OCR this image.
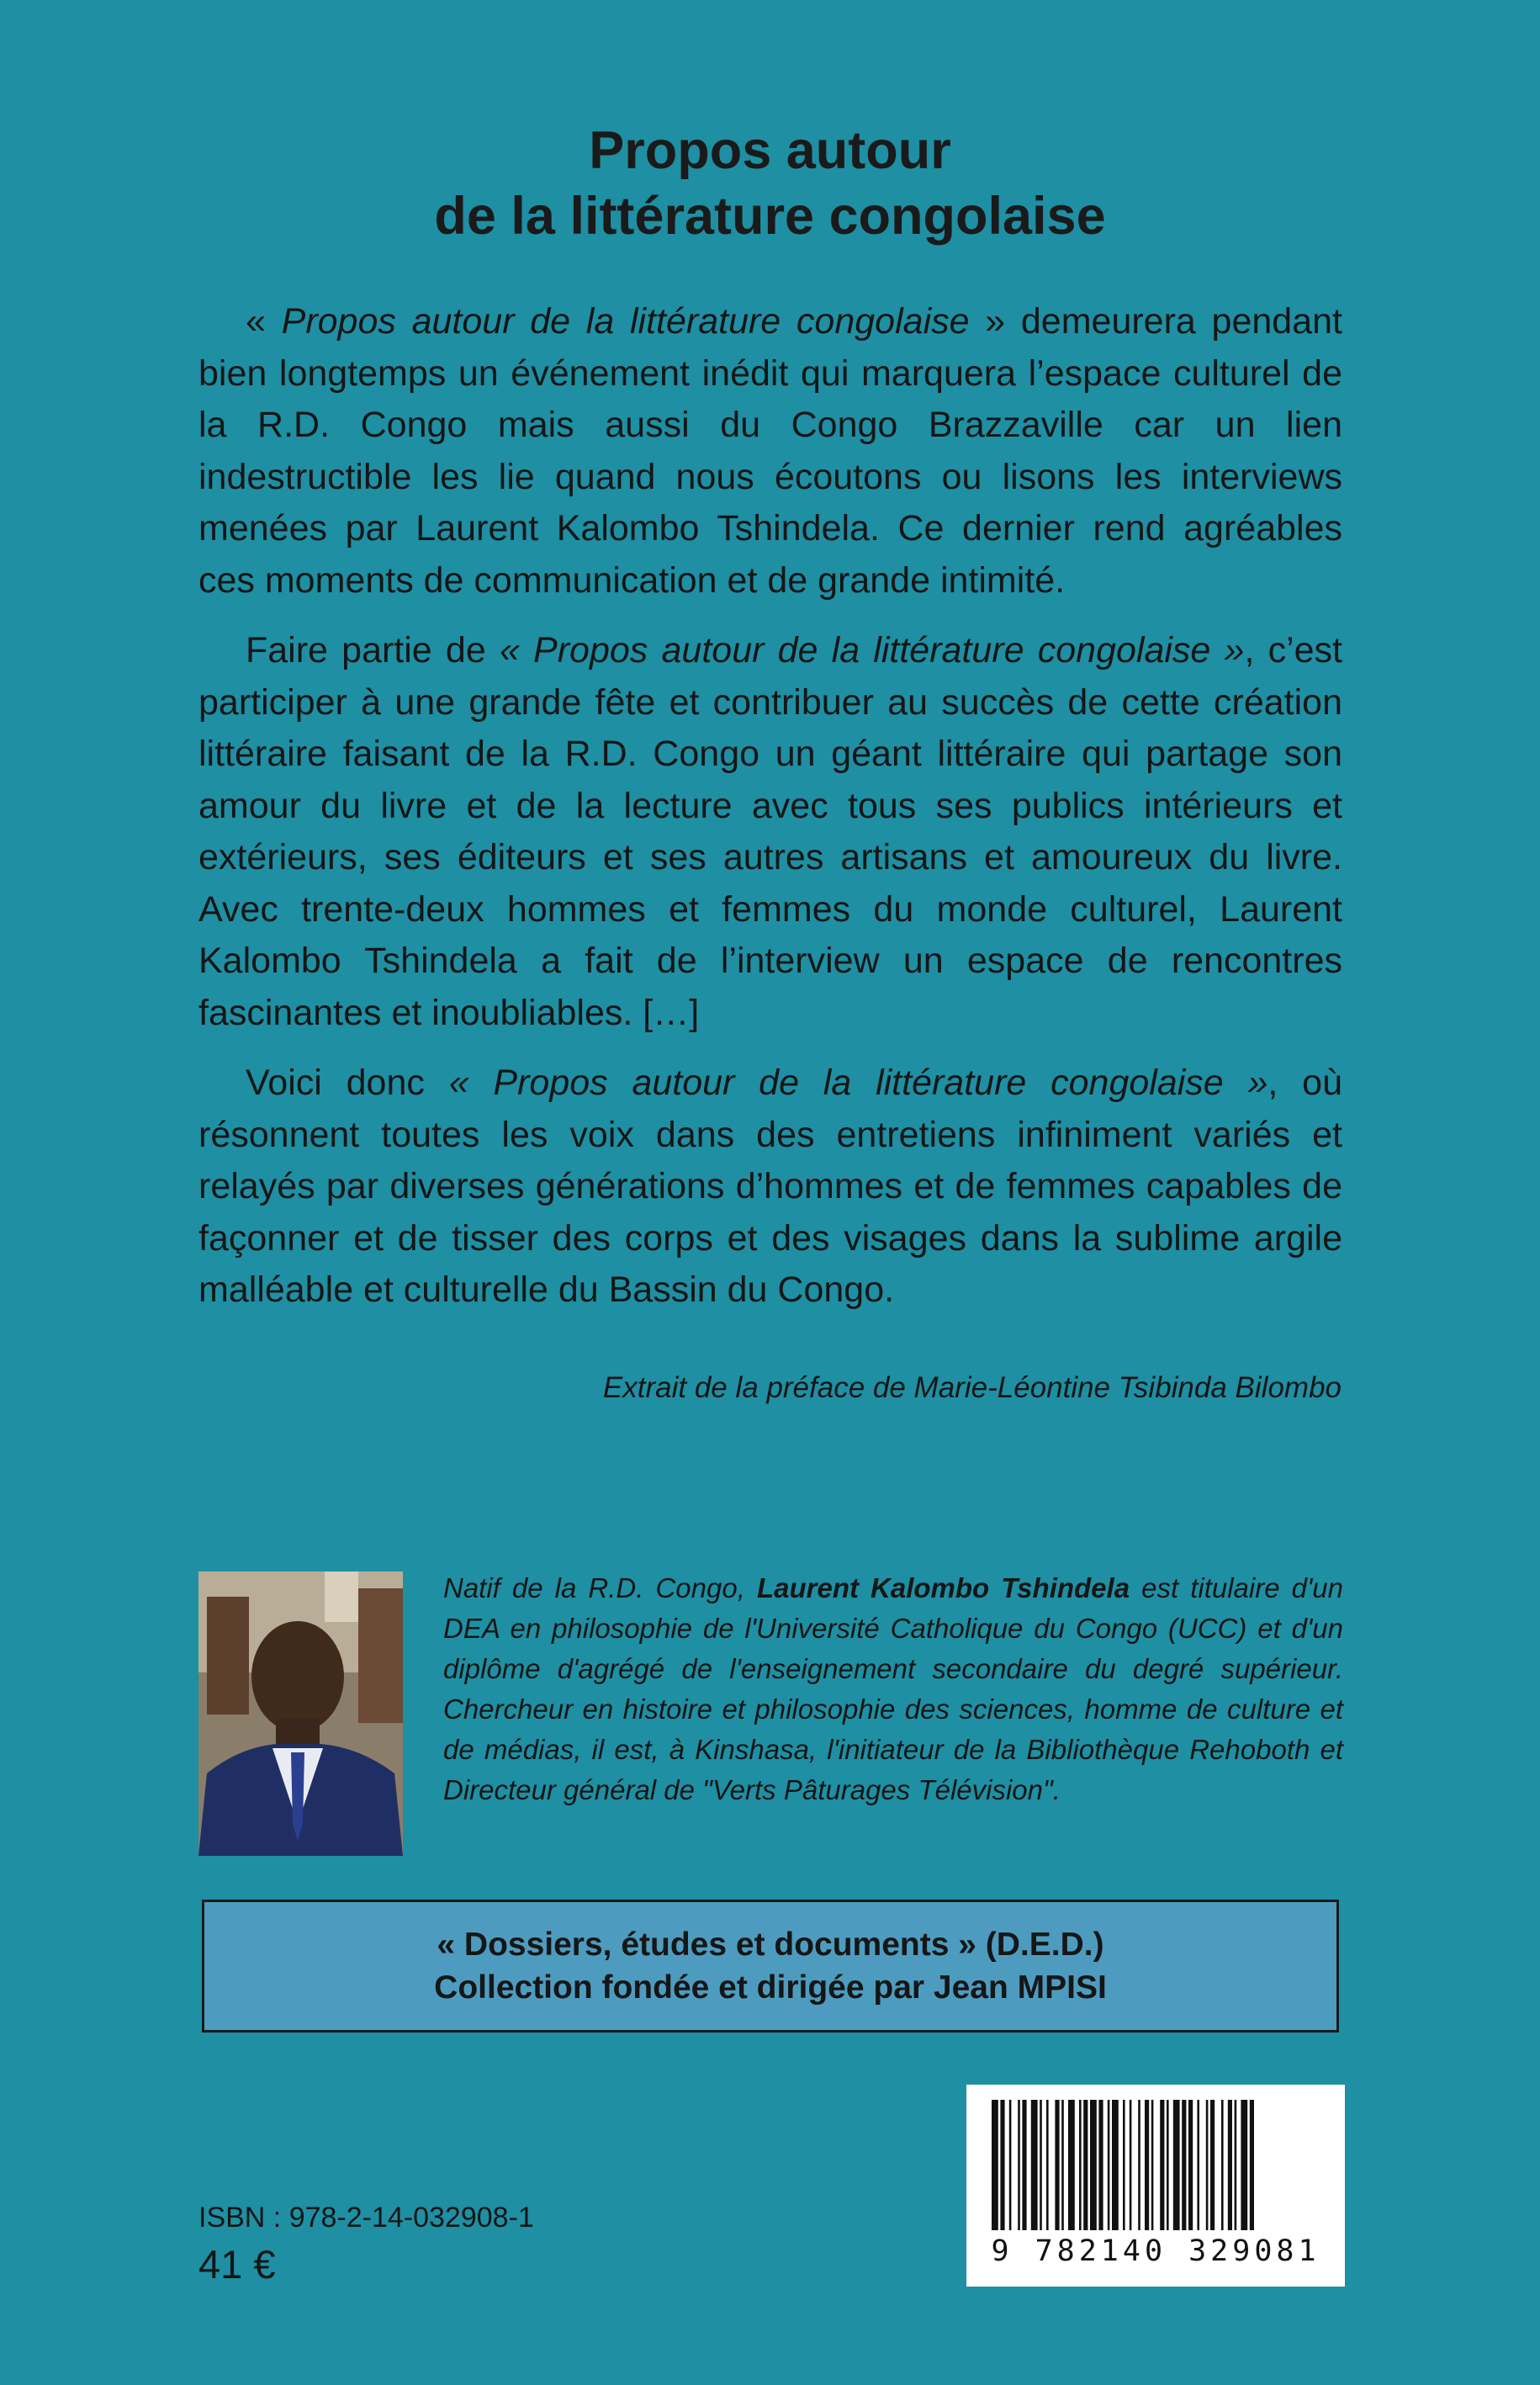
Propos autour
de la littérature congolaise

« Propos autour de la littérature congolaise » demeurera pendant bien longtemps un événement inédit qui marquera l’espace culturel de la R.D. Congo mais aussi du Congo Brazzaville car un lien indestructible les lie quand nous écoutons ou lisons les interviews menées par Laurent Kalombo Tshindela. Ce dernier rend agréables ces moments de communication et de grande intimité.

Faire partie de « Propos autour de la littérature congolaise », c’est participer à une grande fête et contribuer au succès de cette création littéraire faisant de la R.D. Congo un géant littéraire qui partage son amour du livre et de la lecture avec tous ses publics intérieurs et extérieurs, ses éditeurs et ses autres artisans et amoureux du livre. Avec trente-deux hommes et femmes du monde culturel, Laurent Kalombo Tshindela a fait de l’interview un espace de rencontres fascinantes et inoubliables. […]

Voici donc « Propos autour de la littérature congolaise », où résonnent toutes les voix dans des entretiens infiniment variés et relayés par diverses générations d’hommes et de femmes capables de façonner et de tisser des corps et des visages dans la sublime argile malléable et culturelle du Bassin du Congo.

Extrait de la préface de Marie-Léontine Tsibinda Bilombo
Natif de la R.D. Congo, Laurent Kalombo Tshindela est titulaire d'un DEA en philosophie de l'Université Catholique du Congo (UCC) et d'un diplôme d'agrégé de l'enseignement secondaire du degré supérieur. Chercheur en histoire et philosophie des sciences, homme de culture et de médias, il est, à Kinshasa, l'initiateur de la Bibliothèque Rehoboth et Directeur général de "Verts Pâturages Télévision".
« Dossiers, études et documents » (D.E.D.)
Collection fondée et dirigée par Jean MPISI
ISBN : 978-2-14-032908-1
41 €	9 782140 329081
